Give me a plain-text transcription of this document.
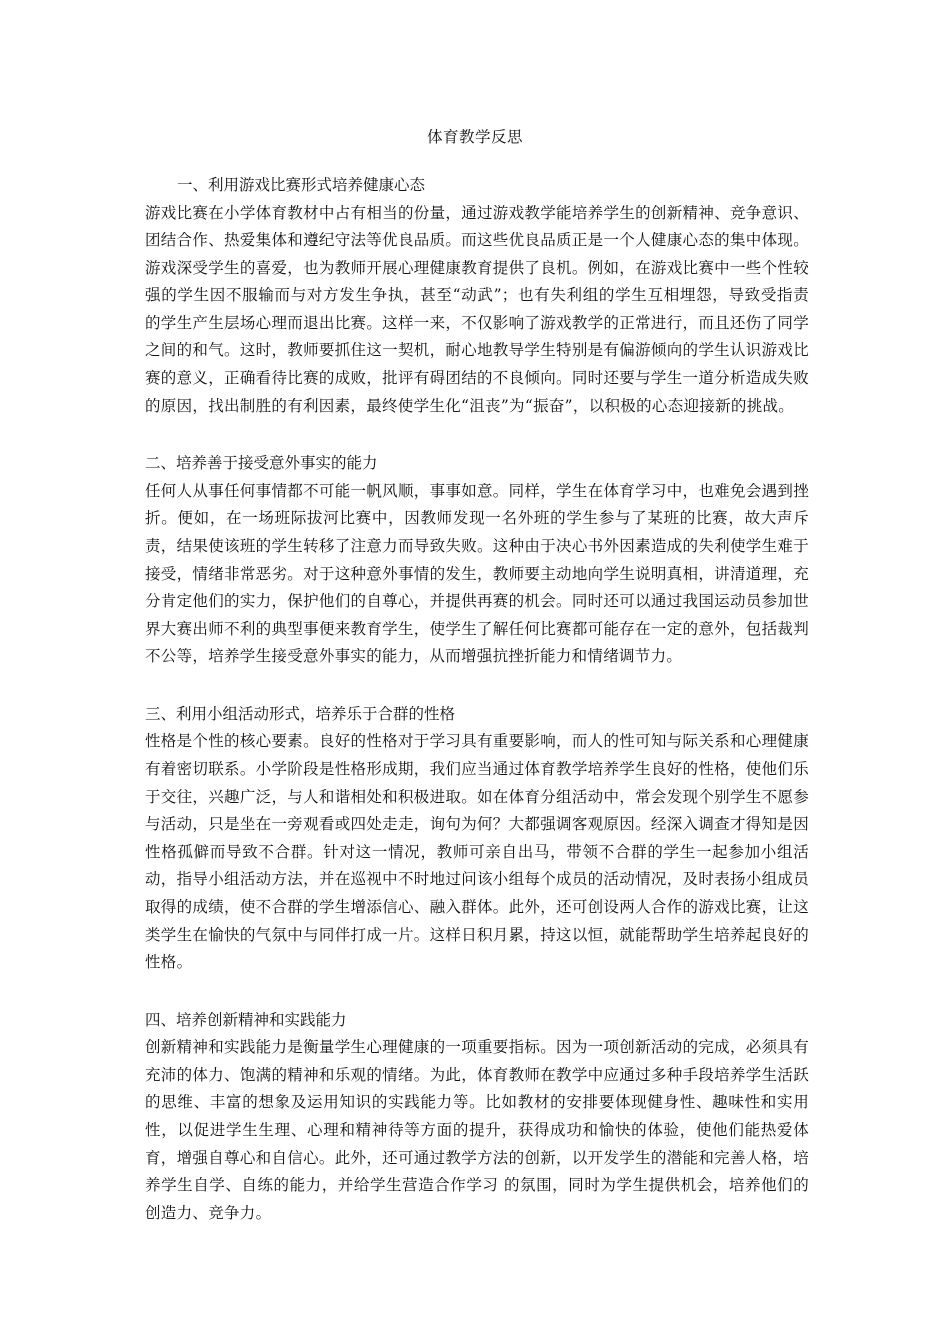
体育教学反思
一、利用游戏比赛形式培养健康心态
游戏比赛在小学体育教材中占有相当的份量，通过游戏教学能培养学生的创新精神、竞争意识、团结合作、热爱集体和遵纪守法等优良品质。而这些优良品质正是一个人健康心态的集中体现。游戏深受学生的喜爱，也为教师开展心理健康教育提供了良机。例如，在游戏比赛中一些个性较强的学生因不服输而与对方发生争执，甚至“动武”；也有失利组的学生互相埋怨，导致受指责的学生产生层场心理而退出比赛。这样一来，不仅影响了游戏教学的正常进行，而且还伤了同学之间的和气。这时，教师要抓住这一契机，耐心地教导学生特别是有偏游倾向的学生认识游戏比赛的意义，正确看待比赛的成败，批评有碍团结的不良倾向。同时还要与学生一道分析造成失败的原因，找出制胜的有利因素，最终使学生化“沮丧”为“振奋”，以积极的心态迎接新的挑战。
二、培养善于接受意外事实的能力
任何人从事任何事情都不可能一帆风顺，事事如意。同样，学生在体育学习中，也难免会遇到挫折。便如，在一场班际拔河比赛中，因教师发现一名外班的学生参与了某班的比赛，故大声斥责，结果使该班的学生转移了注意力而导致失败。这种由于决心书外因素造成的失利使学生难于接受，情绪非常恶劣。对于这种意外事情的发生，教师要主动地向学生说明真相，讲清道理，充分肯定他们的实力，保护他们的自尊心，并提供再赛的机会。同时还可以通过我国运动员参加世界大赛出师不利的典型事便来教育学生，使学生了解任何比赛都可能存在一定的意外，包括裁判不公等，培养学生接受意外事实的能力，从而增强抗挫折能力和情绪调节力。
三、利用小组活动形式，培养乐于合群的性格
性格是个性的核心要素。良好的性格对于学习具有重要影响，而人的性可知与际关系和心理健康有着密切联系。小学阶段是性格形成期，我们应当通过体育教学培养学生良好的性格，使他们乐于交往，兴趣广泛，与人和谐相处和积极进取。如在体育分组活动中，常会发现个别学生不愿参与活动，只是坐在一旁观看或四处走走，询句为何？大都强调客观原因。经深入调查才得知是因性格孤僻而导致不合群。针对这一情况，教师可亲自出马，带领不合群的学生一起参加小组活动，指导小组活动方法，并在巡视中不时地过问该小组每个成员的活动情况，及时表扬小组成员取得的成绩，使不合群的学生增添信心、融入群体。此外，还可创设两人合作的游戏比赛，让这类学生在愉快的气氛中与同伴打成一片。这样日积月累，持这以恒，就能帮助学生培养起良好的性格。
四、培养创新精神和实践能力
创新精神和实践能力是衡量学生心理健康的一项重要指标。因为一项创新活动的完成，必须具有充沛的体力、饱满的精神和乐观的情绪。为此，体育教师在教学中应通过多种手段培养学生活跃的思维、丰富的想象及运用知识的实践能力等。比如教材的安排要体现健身性、趣味性和实用性，以促进学生生理、心理和精神待等方面的提升，获得成功和愉快的体验，使他们能热爱体育，增强自尊心和自信心。此外，还可通过教学方法的创新，以开发学生的潜能和完善人格，培养学生自学、自练的能力，并给学生营造合作学习 的氛围，同时为学生提供机会，培养他们的创造力、竞争力。
